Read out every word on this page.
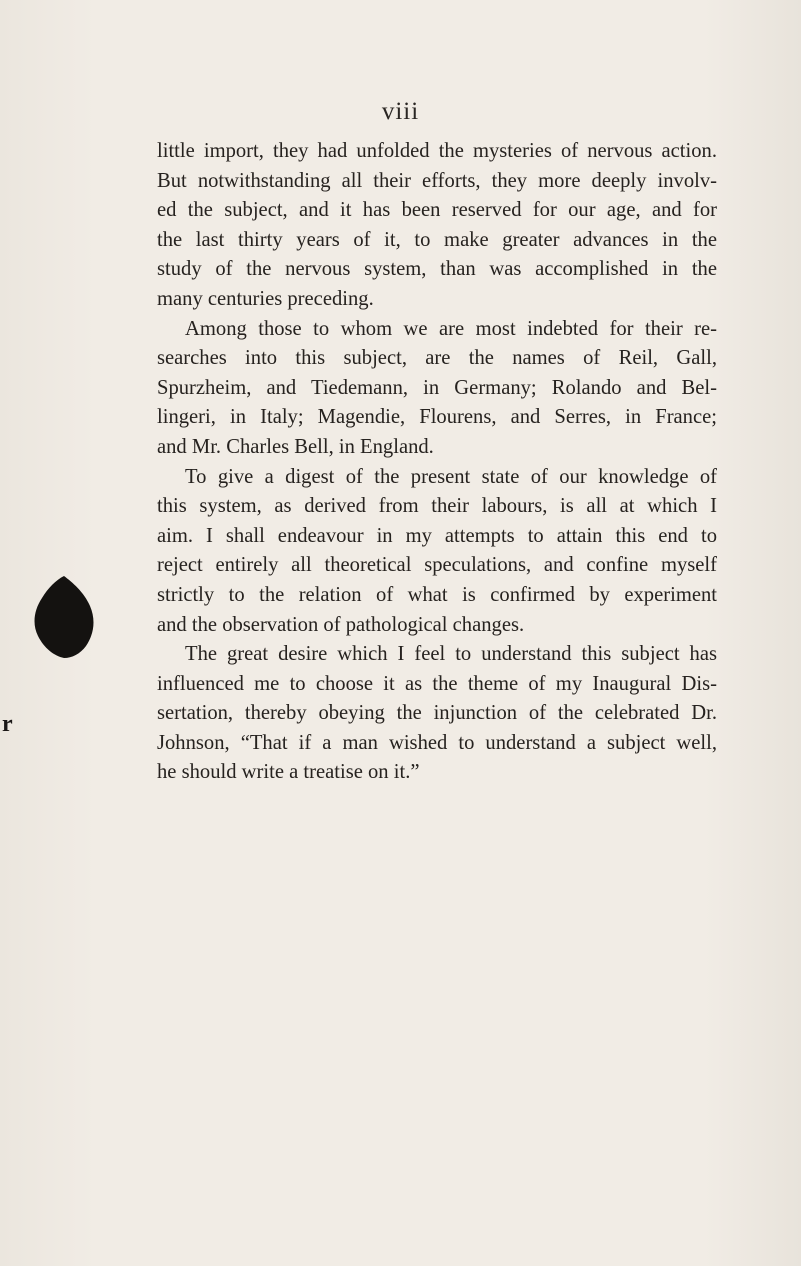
viii
little import, they had unfolded the mysteries of nervous action.
But notwithstanding all their efforts, they more deeply involv-
ed the subject, and it has been reserved for our age, and for
the last thirty years of it, to make greater advances in the
study of the nervous system, than was accomplished in the
many centuries preceding.
Among those to whom we are most indebted for their re-
searches into this subject, are the names of Reil, Gall,
Spurzheim, and Tiedemann, in Germany; Rolando and Bel-
lingeri, in Italy; Magendie, Flourens, and Serres, in France;
and Mr. Charles Bell, in England.
To give a digest of the present state of our knowledge of
this system, as derived from their labours, is all at which I
aim. I shall endeavour in my attempts to attain this end to
reject entirely all theoretical speculations, and confine myself
strictly to the relation of what is confirmed by experiment
and the observation of pathological changes.
The great desire which I feel to understand this subject has
influenced me to choose it as the theme of my Inaugural Dis-
sertation, thereby obeying the injunction of the celebrated Dr.
Johnson, “That if a man wished to understand a subject well,
he should write a treatise on it.”
r
